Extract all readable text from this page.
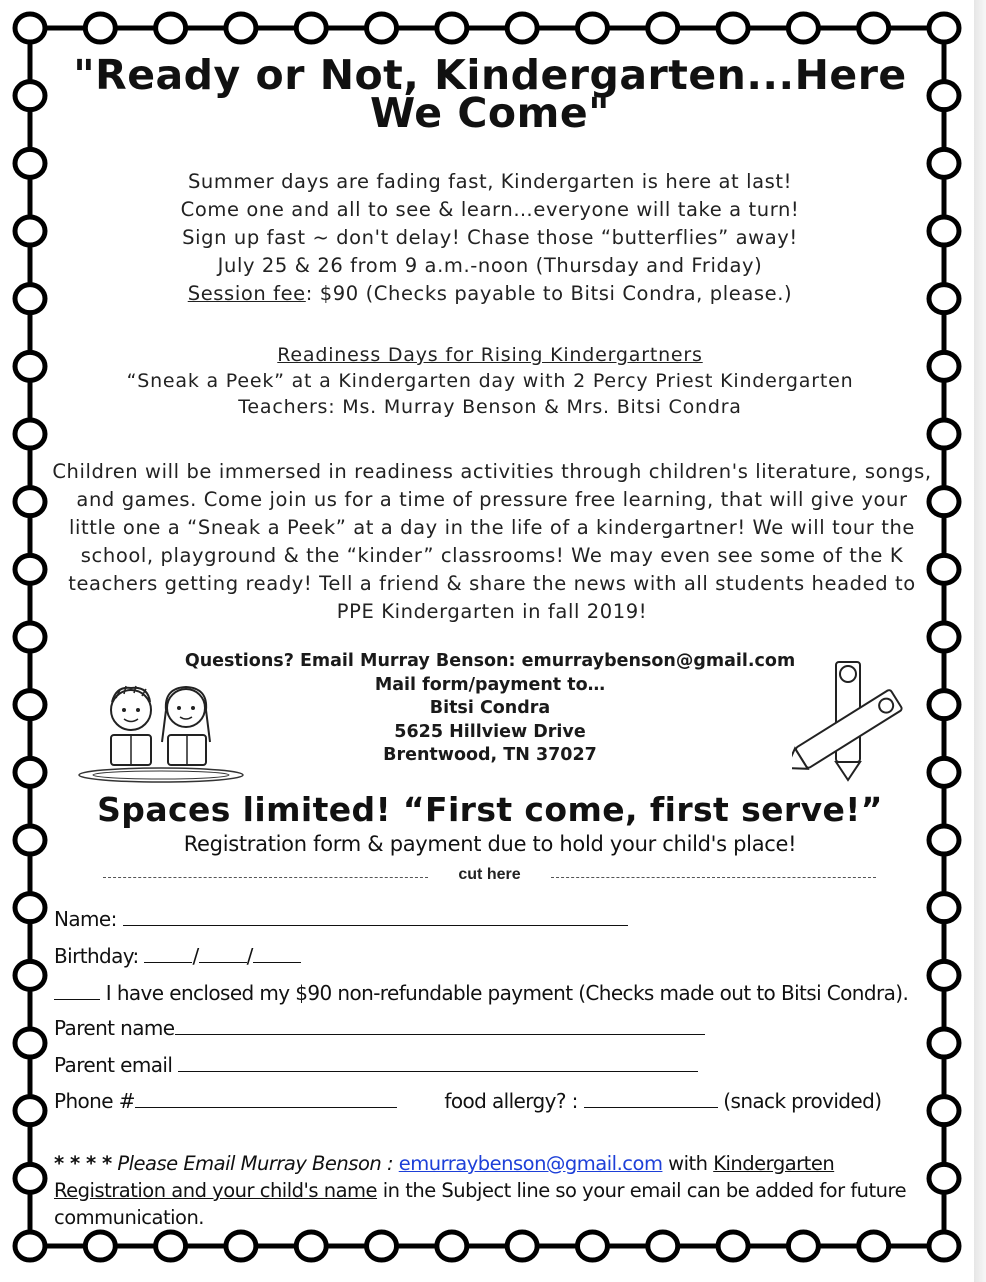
"Ready or Not, Kindergarten...Here We Come"
Summer days are fading fast, Kindergarten is here at last!
Come one and all to see & learn…everyone will take a turn!
Sign up fast ~ don't delay! Chase those “butterflies” away!
July 25 & 26 from 9 a.m.-noon (Thursday and Friday)
Session fee: $90 (Checks payable to Bitsi Condra, please.)
Readiness Days for Rising Kindergartners
“Sneak a Peek” at a Kindergarten day with 2 Percy Priest Kindergarten
Teachers: Ms. Murray Benson & Mrs. Bitsi Condra
Children will be immersed in readiness activities through children's literature, songs, and games. Come join us for a time of pressure free learning, that will give your little one a “Sneak a Peek” at a day in the life of a kindergartner! We will tour the school, playground & the “kinder” classrooms! We may even see some of the K teachers getting ready! Tell a friend & share the news with all students headed to PPE Kindergarten in fall 2019!
Questions? Email Murray Benson: emurraybenson@gmail.com
Mail form/payment to…
Bitsi Condra
5625 Hillview Drive
Brentwood, TN 37027
Spaces limited! “First come, first serve!”
Registration form & payment due to hold your child's place!
cut here
Name:
Birthday:	/ /
I have enclosed my $90 non-refundable payment (Checks made out to Bitsi Condra).
Parent name
Parent email
Phone #	food allergy? :	(snack provided)
* * * * Please Email Murray Benson : emurraybenson@gmail.com with Kindergarten Registration and your child's name in the Subject line so your email can be added for future communication.
